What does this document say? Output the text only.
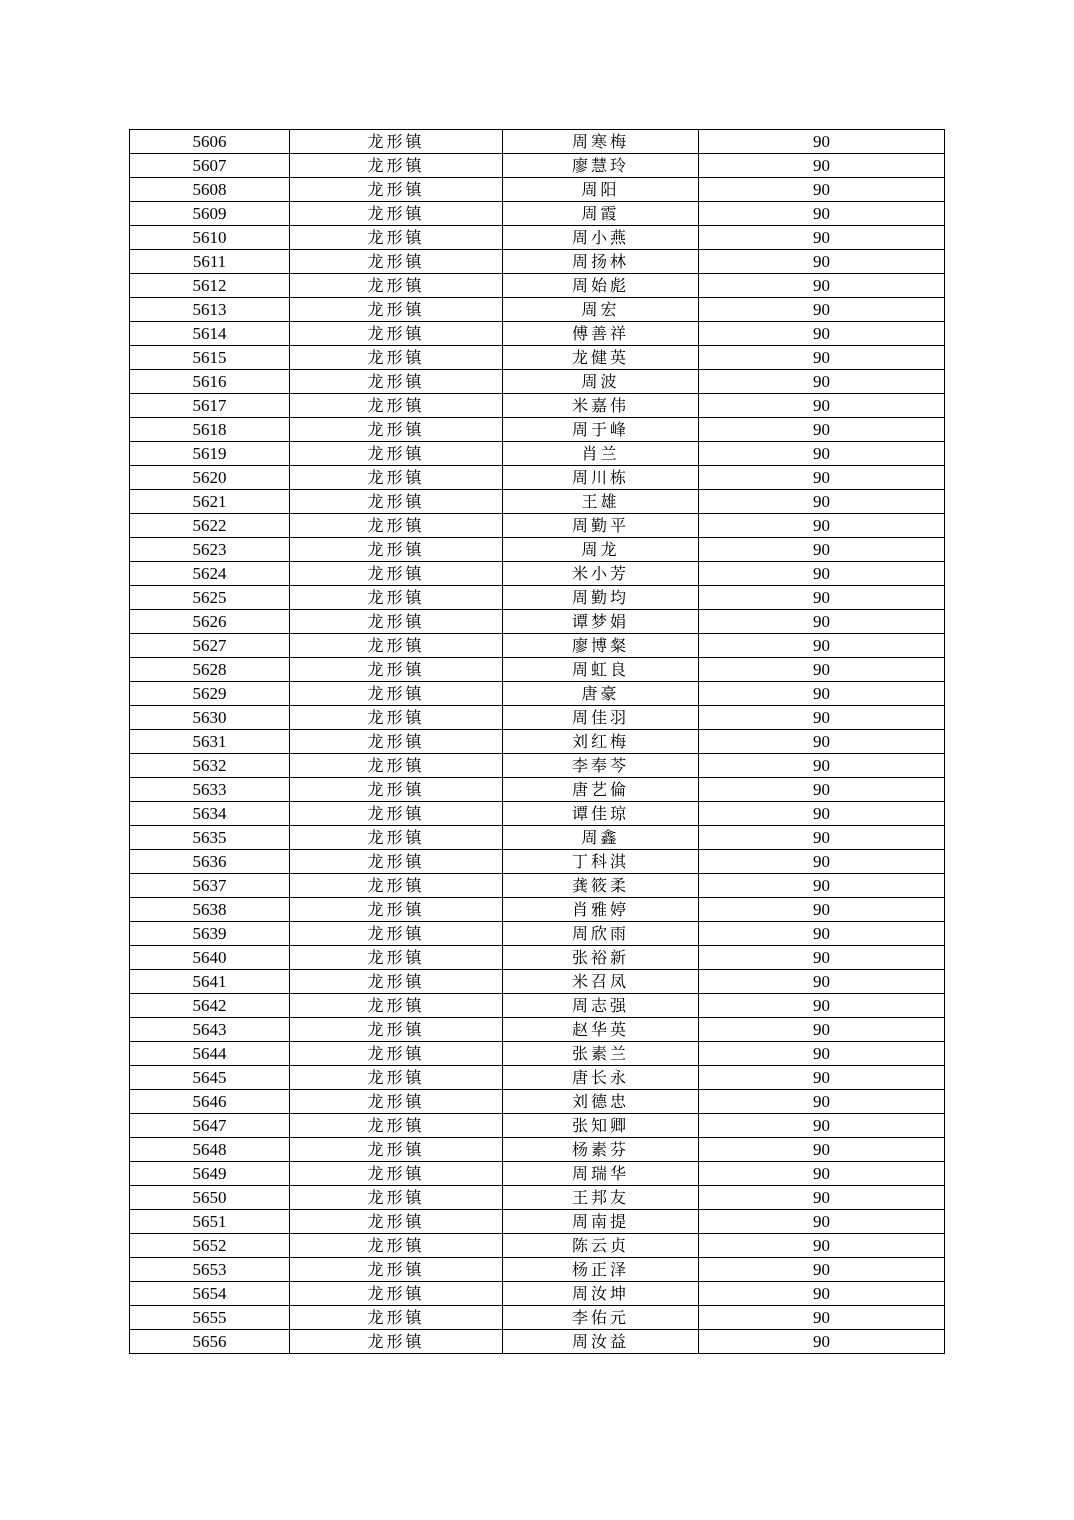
5606	龙形镇	周寒梅	90
5607	龙形镇	廖慧玲	90
5608	龙形镇	周阳	90
5609	龙形镇	周霞	90
5610	龙形镇	周小燕	90
5611	龙形镇	周扬林	90
5612	龙形镇	周始彪	90
5613	龙形镇	周宏	90
5614	龙形镇	傅善祥	90
5615	龙形镇	龙健英	90
5616	龙形镇	周波	90
5617	龙形镇	米嘉伟	90
5618	龙形镇	周于峰	90
5619	龙形镇	肖兰	90
5620	龙形镇	周川栋	90
5621	龙形镇	王雄	90
5622	龙形镇	周勤平	90
5623	龙形镇	周龙	90
5624	龙形镇	米小芳	90
5625	龙形镇	周勤均	90
5626	龙形镇	谭梦娟	90
5627	龙形镇	廖博粲	90
5628	龙形镇	周虹良	90
5629	龙形镇	唐豪	90
5630	龙形镇	周佳羽	90
5631	龙形镇	刘红梅	90
5632	龙形镇	李奉芩	90
5633	龙形镇	唐艺倫	90
5634	龙形镇	谭佳琼	90
5635	龙形镇	周鑫	90
5636	龙形镇	丁科淇	90
5637	龙形镇	龚筱柔	90
5638	龙形镇	肖雅婷	90
5639	龙形镇	周欣雨	90
5640	龙形镇	张裕新	90
5641	龙形镇	米召凤	90
5642	龙形镇	周志强	90
5643	龙形镇	赵华英	90
5644	龙形镇	张素兰	90
5645	龙形镇	唐长永	90
5646	龙形镇	刘德忠	90
5647	龙形镇	张知卿	90
5648	龙形镇	杨素芬	90
5649	龙形镇	周瑞华	90
5650	龙形镇	王邦友	90
5651	龙形镇	周南提	90
5652	龙形镇	陈云贞	90
5653	龙形镇	杨正泽	90
5654	龙形镇	周汝坤	90
5655	龙形镇	李佑元	90
5656	龙形镇	周汝益	90
